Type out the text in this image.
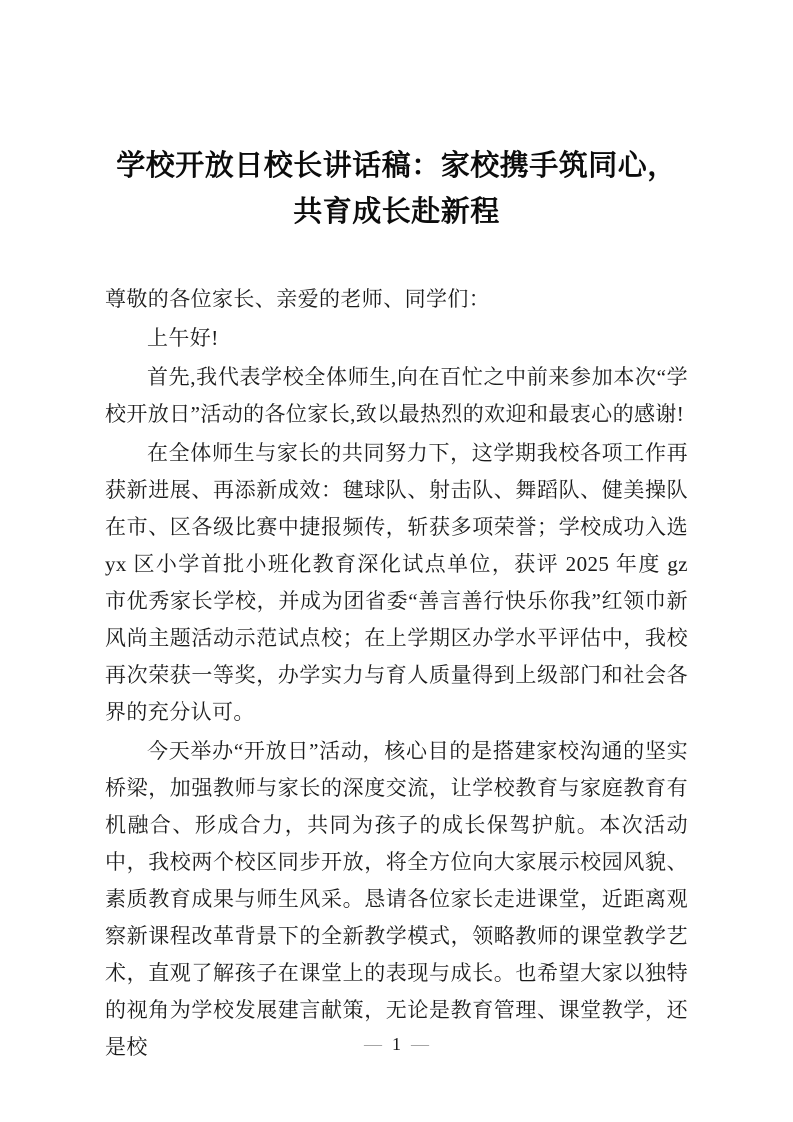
学校开放日校长讲话稿：家校携手筑同心，
共育成长赴新程

尊敬的各位家长、亲爱的老师、同学们：

上午好!

首先,我代表学校全体师生,向在百忙之中前来参加本次“学校开放日”活动的各位家长,致以最热烈的欢迎和最衷心的感谢!

在全体师生与家长的共同努力下，这学期我校各项工作再获新进展、再添新成效：毽球队、射击队、舞蹈队、健美操队在市、区各级比赛中捷报频传，斩获多项荣誉；学校成功入选 yx 区小学首批小班化教育深化试点单位，获评 2025 年度 gz 市优秀家长学校，并成为团省委“善言善行快乐你我”红领巾新风尚主题活动示范试点校；在上学期区办学水平评估中，我校再次荣获一等奖，办学实力与育人质量得到上级部门和社会各界的充分认可。

今天举办“开放日”活动，核心目的是搭建家校沟通的坚实桥梁，加强教师与家长的深度交流，让学校教育与家庭教育有机融合、形成合力，共同为孩子的成长保驾护航。本次活动中，我校两个校区同步开放，将全方位向大家展示校园风貌、素质教育成果与师生风采。恳请各位家长走进课堂，近距离观察新课程改革背景下的全新教学模式，领略教师的课堂教学艺术，直观了解孩子在课堂上的表现与成长。也希望大家以独特的视角为学校发展建言献策，无论是教育管理、课堂教学，还是校	— 1 —
